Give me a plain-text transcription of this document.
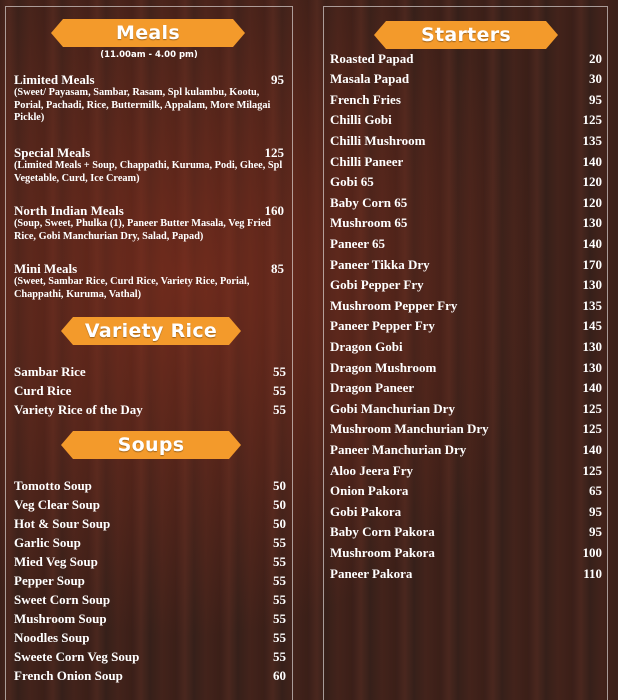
Meals
(11.00am - 4.00 pm)
Limited Meals	95
(Sweet/ Payasam, Sambar, Rasam, Spl kulambu, Kootu, Porial, Pachadi, Rice, Buttermilk, Appalam, More Milagai Pickle)
Special Meals	125
(Limited Meals + Soup, Chappathi, Kuruma, Podi, Ghee, Spl Vegetable, Curd, Ice Cream)
North Indian Meals	160
(Soup, Sweet, Phulka (1), Paneer Butter Masala, Veg Fried Rice, Gobi Manchurian Dry, Salad, Papad)
Mini Meals	85
(Sweet, Sambar Rice, Curd Rice, Variety Rice, Porial, Chappathi, Kuruma, Vathal)
Variety Rice
Sambar Rice	55
Curd Rice	55
Variety Rice of the Day	55
Soups
Tomotto Soup	50
Veg Clear Soup	50
Hot & Sour Soup	50
Garlic Soup	55
Mied Veg Soup	55
Pepper Soup	55
Sweet Corn Soup	55
Mushroom Soup	55
Noodles Soup	55
Sweete Corn Veg Soup	55
French Onion Soup	60
Starters
Roasted Papad	20
Masala Papad	30
French Fries	95
Chilli Gobi	125
Chilli Mushroom	135
Chilli Paneer	140
Gobi 65	120
Baby Corn 65	120
Mushroom 65	130
Paneer 65	140
Paneer Tikka Dry	170
Gobi Pepper Fry	130
Mushroom Pepper Fry	135
Paneer Pepper Fry	145
Dragon Gobi	130
Dragon Mushroom	130
Dragon Paneer	140
Gobi Manchurian Dry	125
Mushroom Manchurian Dry	125
Paneer Manchurian Dry	140
Aloo Jeera Fry	125
Onion Pakora	65
Gobi Pakora	95
Baby Corn Pakora	95
Mushroom Pakora	100
Paneer Pakora	110
